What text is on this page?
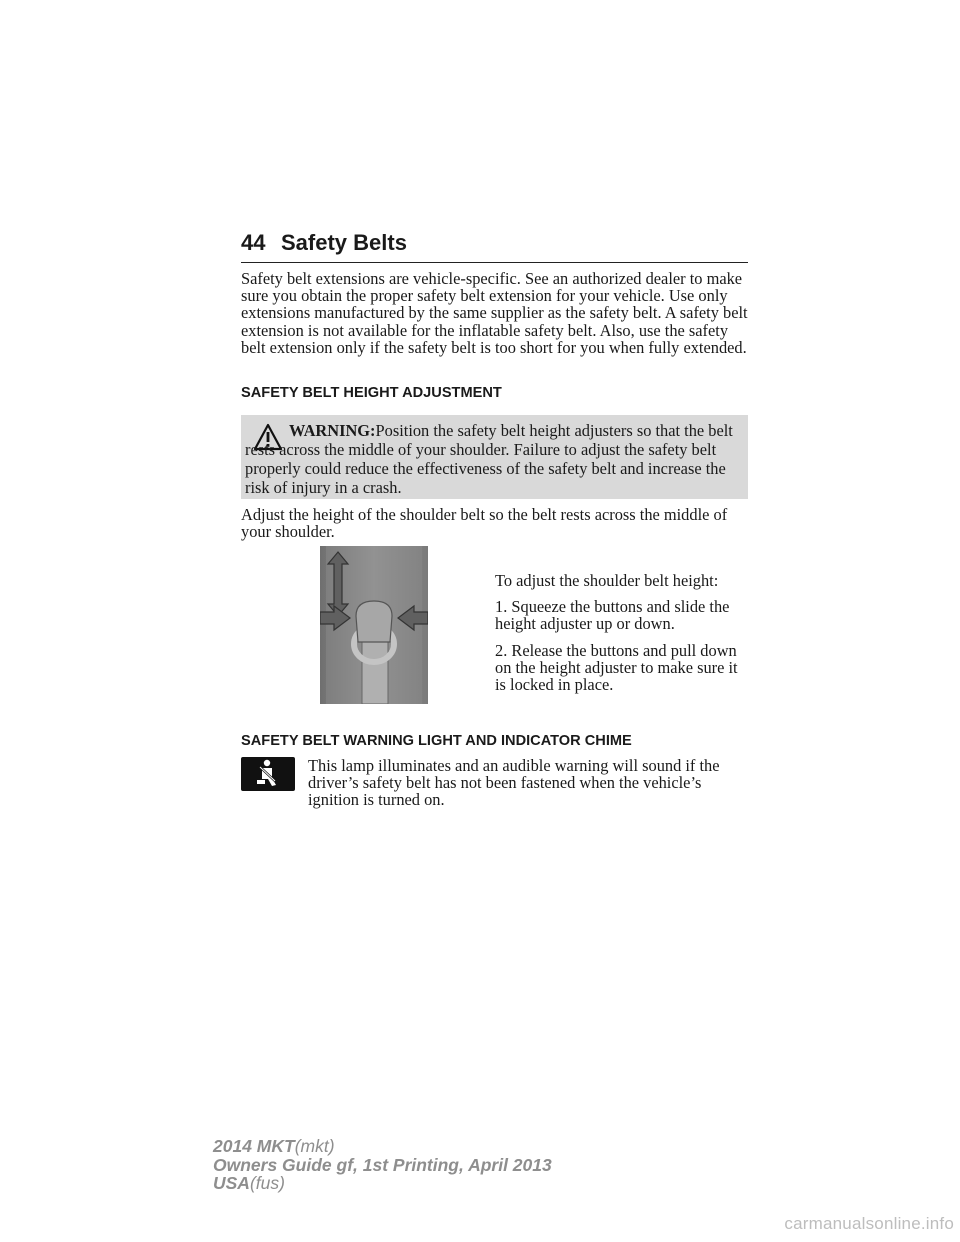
44 Safety Belts

Safety belt extensions are vehicle-specific. See an authorized dealer to make sure you obtain the proper safety belt extension for your vehicle. Use only extensions manufactured by the same supplier as the safety belt. A safety belt extension is not available for the inflatable safety belt. Also, use the safety belt extension only if the safety belt is too short for you when fully extended.

SAFETY BELT HEIGHT ADJUSTMENT

WARNING:Position the safety belt height adjusters so that the belt rests across the middle of your shoulder. Failure to adjust the safety belt properly could reduce the effectiveness of the safety belt and increase the risk of injury in a crash.

Adjust the height of the shoulder belt so the belt rests across the middle of your shoulder.

To adjust the shoulder belt height:

1. Squeeze the buttons and slide the height adjuster up or down.

2. Release the buttons and pull down on the height adjuster to make sure it is locked in place.

SAFETY BELT WARNING LIGHT AND INDICATOR CHIME

This lamp illuminates and an audible warning will sound if the driver’s safety belt has not been fastened when the vehicle’s ignition is turned on.

2014 MKT(mkt)
Owners Guide gf, 1st Printing, April 2013
USA(fus)
carmanualsonline.info
